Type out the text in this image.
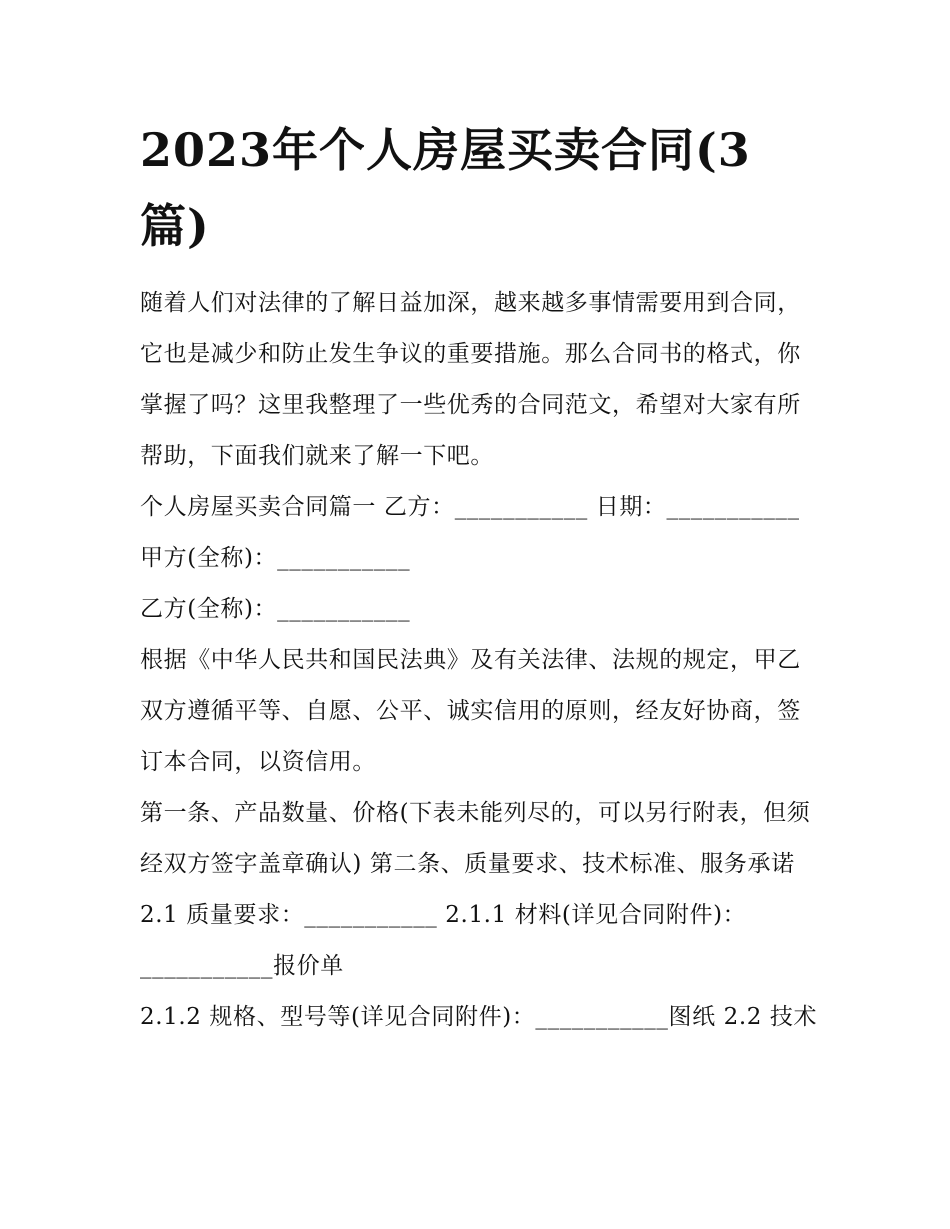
2023年个人房屋买卖合同(3篇)

随着人们对法律的了解日益加深，越来越多事情需要用到合同，它也是减少和防止发生争议的重要措施。那么合同书的格式，你掌握了吗？这里我整理了一些优秀的合同范文，希望对大家有所帮助，下面我们就来了解一下吧。

个人房屋买卖合同篇一 乙方：___________ 日期：___________

甲方(全称)：___________

乙方(全称)：___________

根据《中华人民共和国民法典》及有关法律、法规的规定，甲乙双方遵循平等、自愿、公平、诚实信用的原则，经友好协商，签订本合同，以资信用。

第一条、产品数量、价格(下表未能列尽的，可以另行附表，但须经双方签字盖章确认) 第二条、质量要求、技术标准、服务承诺

2.1 质量要求：___________ 2.1.1 材料(详见合同附件)：___________报价单

2.1.2 规格、型号等(详见合同附件)：___________图纸 2.2 技术
